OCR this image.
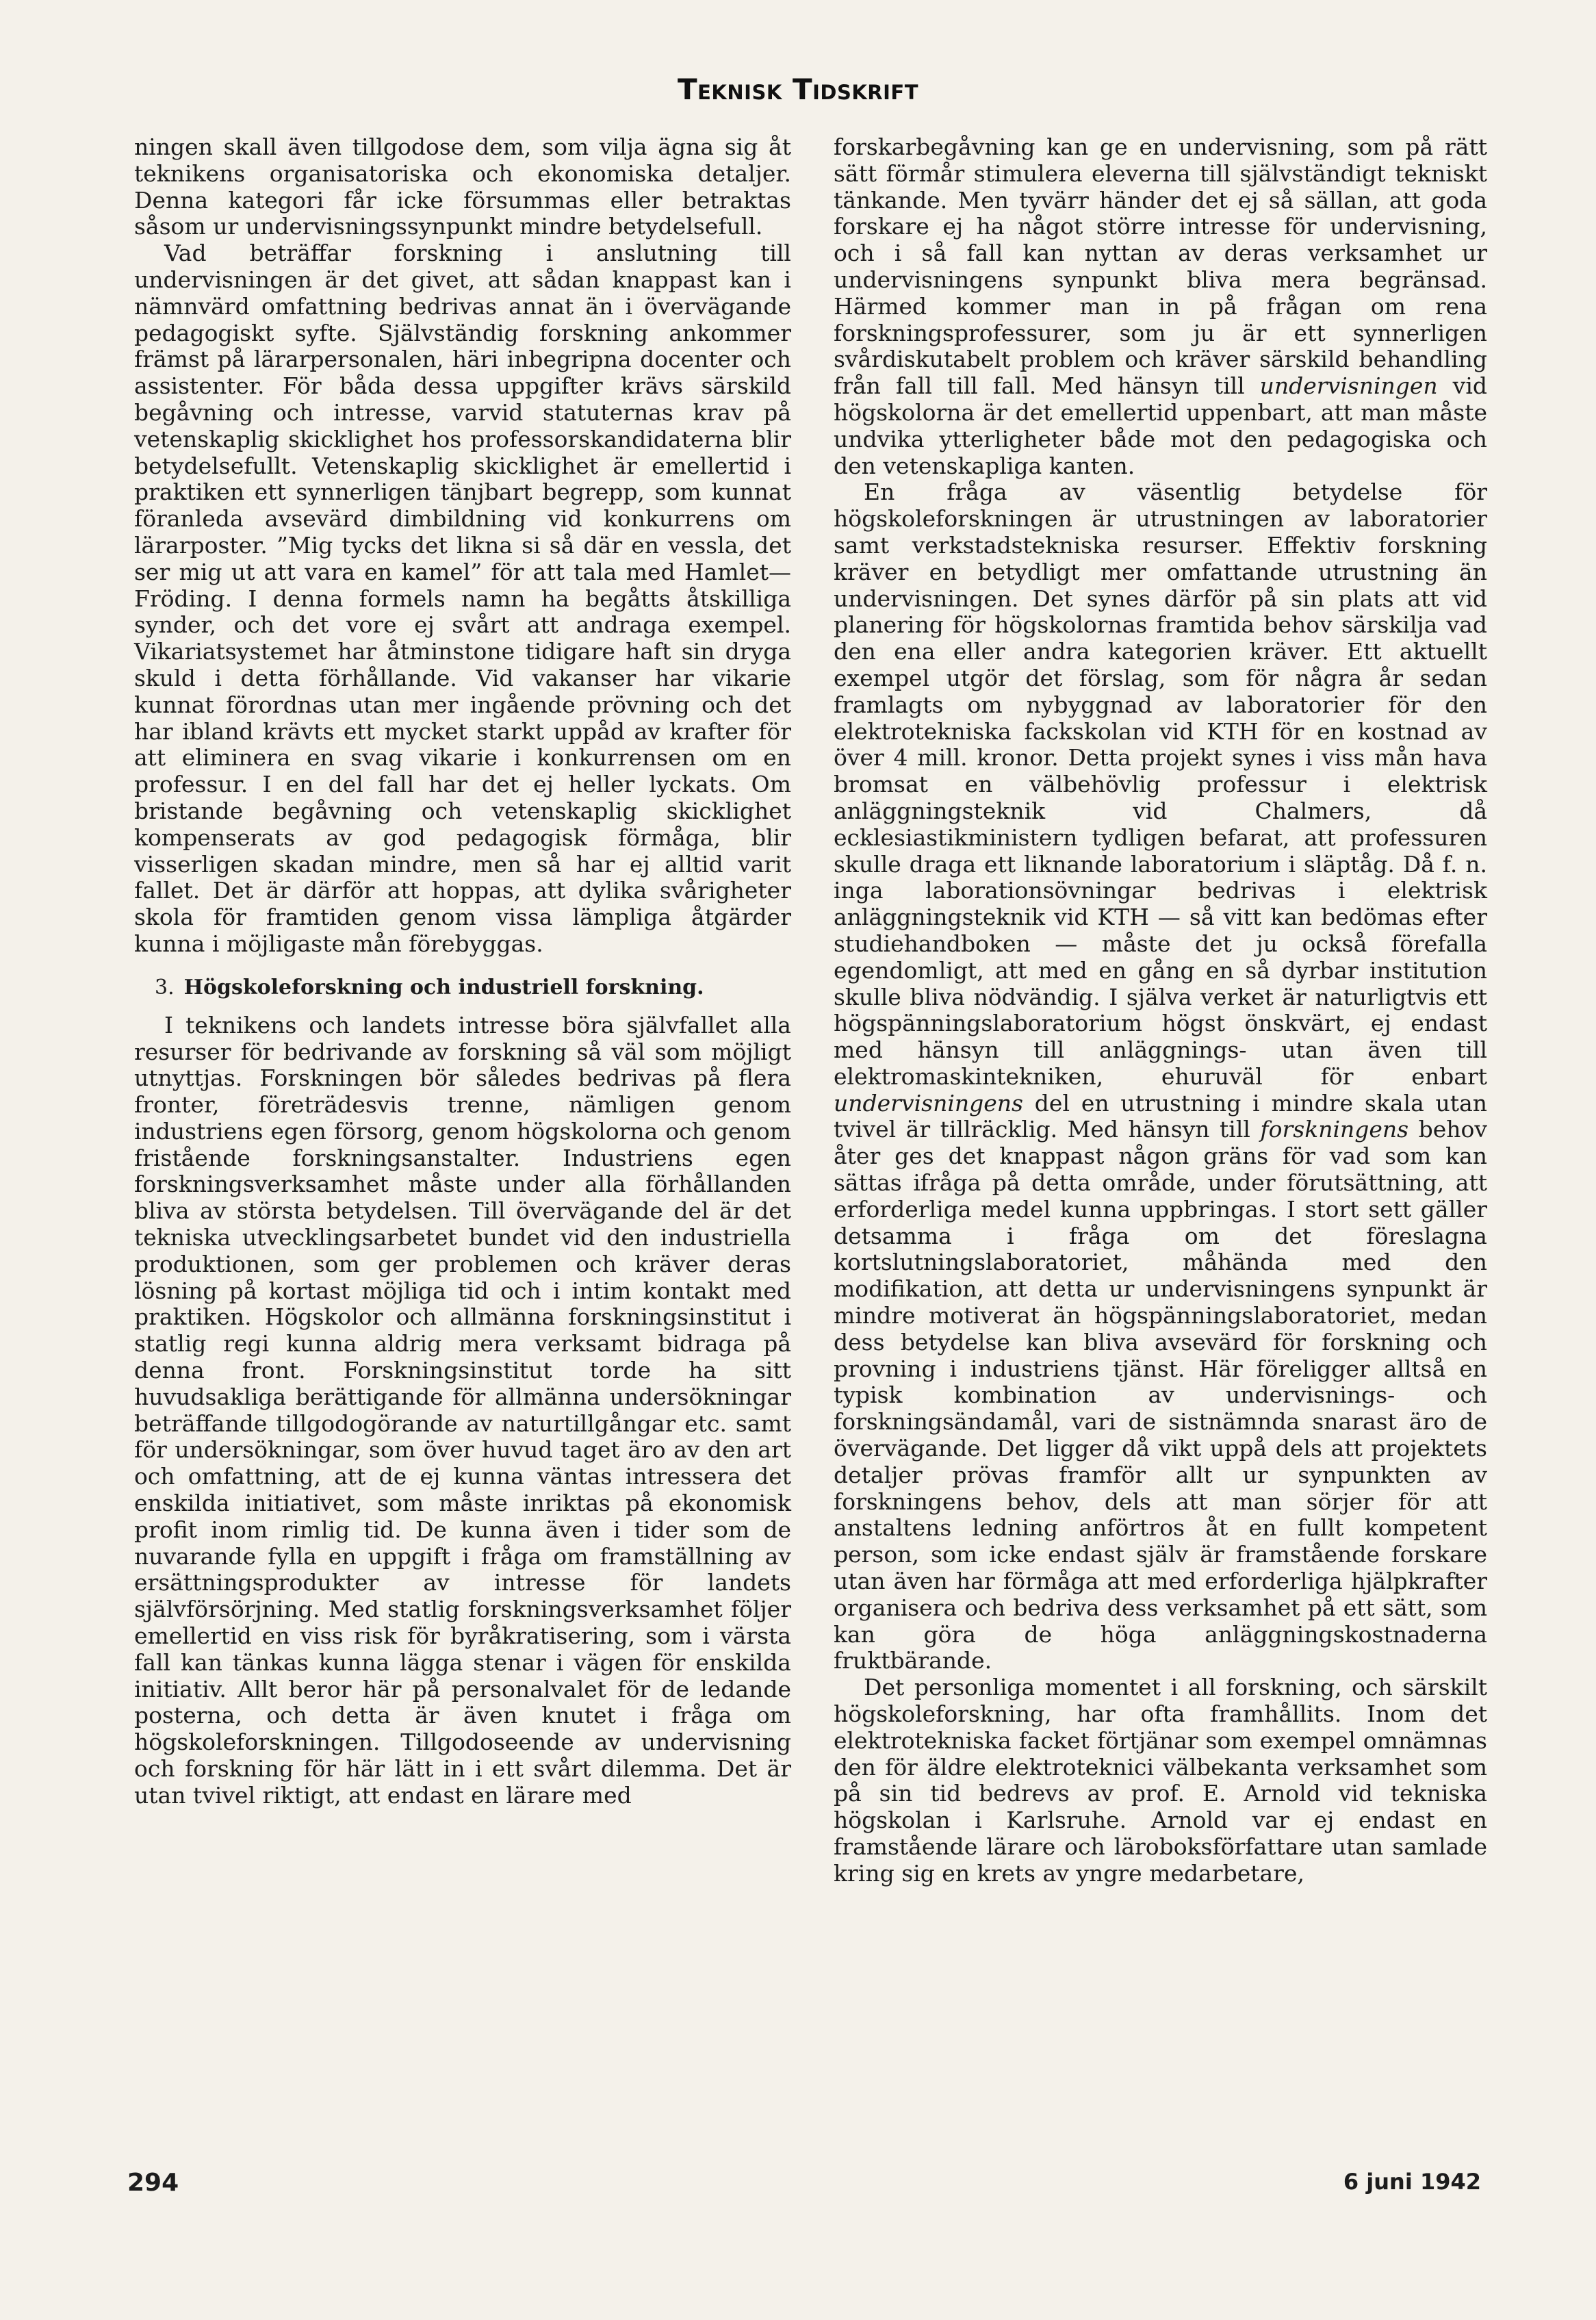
Teknisk Tidskrift

ningen skall även tillgodose dem, som vilja ägna sig åt teknikens organisatoriska och ekonomiska detaljer. Denna kategori får icke försummas eller betraktas såsom ur undervisningssynpunkt mindre betydelsefull.

Vad beträffar forskning i anslutning till undervisningen är det givet, att sådan knappast kan i nämnvärd omfattning bedrivas annat än i övervägande pedagogiskt syfte. Självständig forskning ankommer främst på lärarpersonalen, häri inbegripna docenter och assistenter. För båda dessa uppgifter krävs särskild begåvning och intresse, varvid statuternas krav på vetenskaplig skicklighet hos professorskandidaterna blir betydelsefullt. Vetenskaplig skicklighet är emellertid i praktiken ett synnerligen tänjbart begrepp, som kunnat föranleda avsevärd dimbildning vid konkurrens om lärarposter. ”Mig tycks det likna si så där en vessla, det ser mig ut att vara en kamel” för att tala med Hamlet—Fröding. I denna formels namn ha begåtts åtskilliga synder, och det vore ej svårt att andraga exempel. Vikariatsystemet har åtminstone tidigare haft sin dryga skuld i detta förhållande. Vid vakanser har vikarie kunnat förordnas utan mer ingående prövning och det har ibland krävts ett mycket starkt uppåd av krafter för att eliminera en svag vikarie i konkurrensen om en professur. I en del fall har det ej heller lyckats. Om bristande begåvning och vetenskaplig skicklighet kompenserats av god pedagogisk förmåga, blir visserligen skadan mindre, men så har ej alltid varit fallet. Det är därför att hoppas, att dylika svårigheter skola för framtiden genom vissa lämpliga åtgärder kunna i möjligaste mån förebyggas.

3. Högskoleforskning och industriell forskning.

I teknikens och landets intresse böra självfallet alla resurser för bedrivande av forskning så väl som möjligt utnyttjas. Forskningen bör således bedrivas på flera fronter, företrädesvis trenne, nämligen genom industriens egen försorg, genom högskolorna och genom fristående forskningsanstalter. Industriens egen forskningsverksamhet måste under alla förhållanden bliva av största betydelsen. Till övervägande del är det tekniska utvecklingsarbetet bundet vid den industriella produktionen, som ger problemen och kräver deras lösning på kortast möjliga tid och i intim kontakt med praktiken. Högskolor och allmänna forskningsinstitut i statlig regi kunna aldrig mera verksamt bidraga på denna front. Forskningsinstitut torde ha sitt huvudsakliga berättigande för allmänna undersökningar beträffande tillgodogörande av naturtillgångar etc. samt för undersökningar, som över huvud taget äro av den art och omfattning, att de ej kunna väntas intressera det enskilda initiativet, som måste inriktas på ekonomisk profit inom rimlig tid. De kunna även i tider som de nuvarande fylla en uppgift i fråga om framställning av ersättningsprodukter av intresse för landets självförsörjning. Med statlig forskningsverksamhet följer emellertid en viss risk för byråkratisering, som i värsta fall kan tänkas kunna lägga stenar i vägen för enskilda initiativ. Allt beror här på personalvalet för de ledande posterna, och detta är även knutet i fråga om högskoleforskningen. Tillgodoseende av undervisning och forskning för här lätt in i ett svårt dilemma. Det är utan tvivel riktigt, att endast en lärare med

forskarbegåvning kan ge en undervisning, som på rätt sätt förmår stimulera eleverna till självständigt tekniskt tänkande. Men tyvärr händer det ej så sällan, att goda forskare ej ha något större intresse för undervisning, och i så fall kan nyttan av deras verksamhet ur undervisningens synpunkt bliva mera begränsad. Härmed kommer man in på frågan om rena forskningsprofessurer, som ju är ett synnerligen svårdiskutabelt problem och kräver särskild behandling från fall till fall. Med hänsyn till undervisningen vid högskolorna är det emellertid uppenbart, att man måste undvika ytterligheter både mot den pedagogiska och den vetenskapliga kanten.

En fråga av väsentlig betydelse för högskoleforskningen är utrustningen av laboratorier samt verkstadstekniska resurser. Effektiv forskning kräver en betydligt mer omfattande utrustning än undervisningen. Det synes därför på sin plats att vid planering för högskolornas framtida behov särskilja vad den ena eller andra kategorien kräver. Ett aktuellt exempel utgör det förslag, som för några år sedan framlagts om nybyggnad av laboratorier för den elektrotekniska fackskolan vid KTH för en kostnad av över 4 mill. kronor. Detta projekt synes i viss mån hava bromsat en välbehövlig professur i elektrisk anläggningsteknik vid Chalmers, då ecklesiastikministern tydligen befarat, att professuren skulle draga ett liknande laboratorium i släptåg. Då f. n. inga laborationsövningar bedrivas i elektrisk anläggningsteknik vid KTH — så vitt kan bedömas efter studiehandboken — måste det ju också förefalla egendomligt, att med en gång en så dyrbar institution skulle bliva nödvändig. I själva verket är naturligtvis ett högspänningslaboratorium högst önskvärt, ej endast med hänsyn till anläggnings- utan även till elektromaskintekniken, ehuruväl för enbart undervisningens del en utrustning i mindre skala utan tvivel är tillräcklig. Med hänsyn till forskningens behov åter ges det knappast någon gräns för vad som kan sättas ifråga på detta område, under förutsättning, att erforderliga medel kunna uppbringas. I stort sett gäller detsamma i fråga om det föreslagna kortslutningslaboratoriet, måhända med den modifikation, att detta ur undervisningens synpunkt är mindre motiverat än högspänningslaboratoriet, medan dess betydelse kan bliva avsevärd för forskning och provning i industriens tjänst. Här föreligger alltså en typisk kombination av undervisnings- och forskningsändamål, vari de sistnämnda snarast äro de övervägande. Det ligger då vikt uppå dels att projektets detaljer prövas framför allt ur synpunkten av forskningens behov, dels att man sörjer för att anstaltens ledning anförtros åt en fullt kompetent person, som icke endast själv är framstående forskare utan även har förmåga att med erforderliga hjälpkrafter organisera och bedriva dess verksamhet på ett sätt, som kan göra de höga anläggningskostnaderna fruktbärande.

Det personliga momentet i all forskning, och särskilt högskoleforskning, har ofta framhållits. Inom det elektrotekniska facket förtjänar som exempel omnämnas den för äldre elektroteknici välbekanta verksamhet som på sin tid bedrevs av prof. E. Arnold vid tekniska högskolan i Karlsruhe. Arnold var ej endast en framstående lärare och läroboksförfattare utan samlade kring sig en krets av yngre medarbetare,

294	6 juni 1942
